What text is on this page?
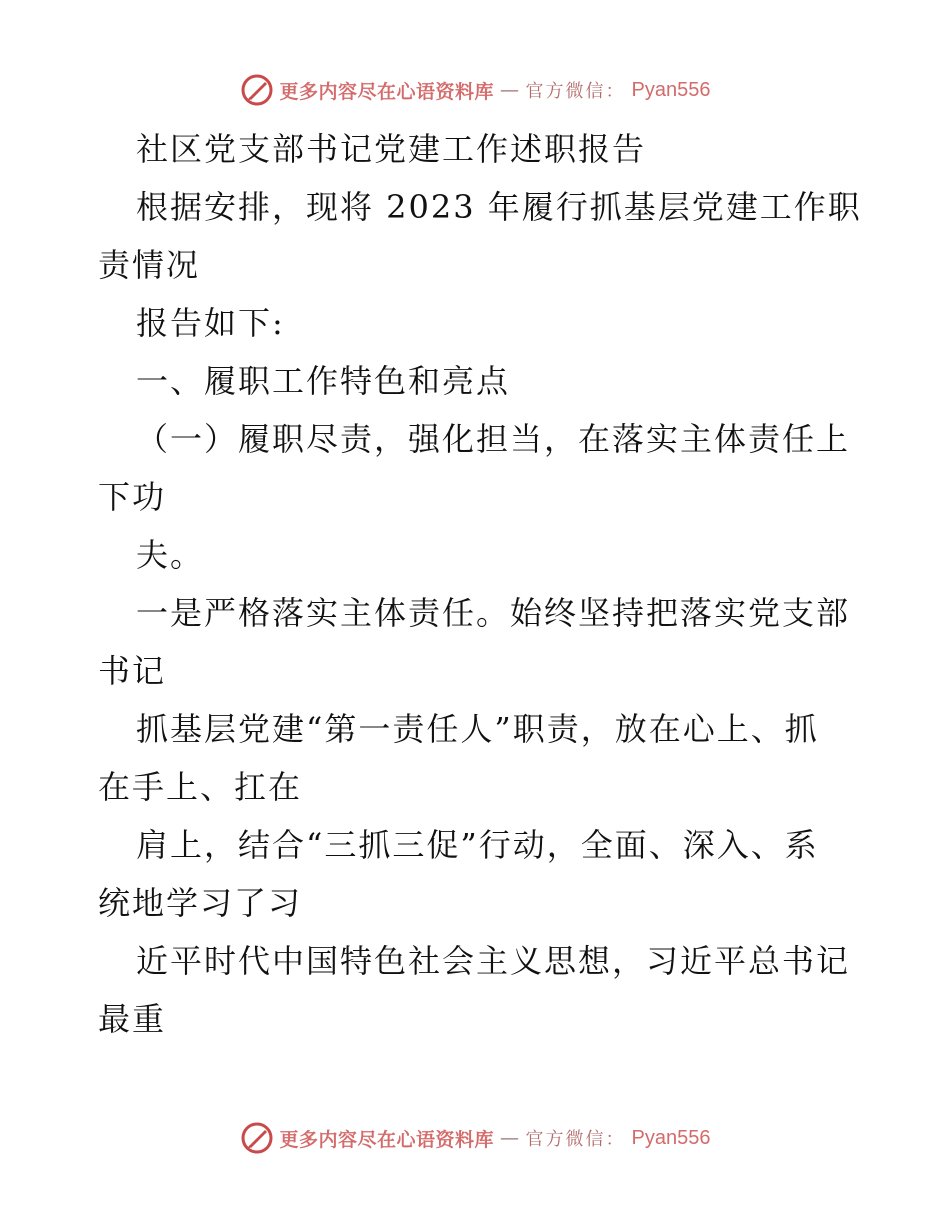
更多内容尽在心语资料库 — 官方微信： Pyan556
社区党支部书记党建工作述职报告
根据安排，现将 2023 年履行抓基层党建工作职
责情况
报告如下:
一、履职工作特色和亮点
（一）履职尽责，强化担当，在落实主体责任上
下功
夫。
一是严格落实主体责任。始终坚持把落实党支部
书记
抓基层党建“第一责任人”职责，放在心上、抓
在手上、扛在
肩上，结合“三抓三促”行动，全面、深入、系
统地学习了习
近平时代中国特色社会主义思想，习近平总书记
最重
更多内容尽在心语资料库 — 官方微信： Pyan556
